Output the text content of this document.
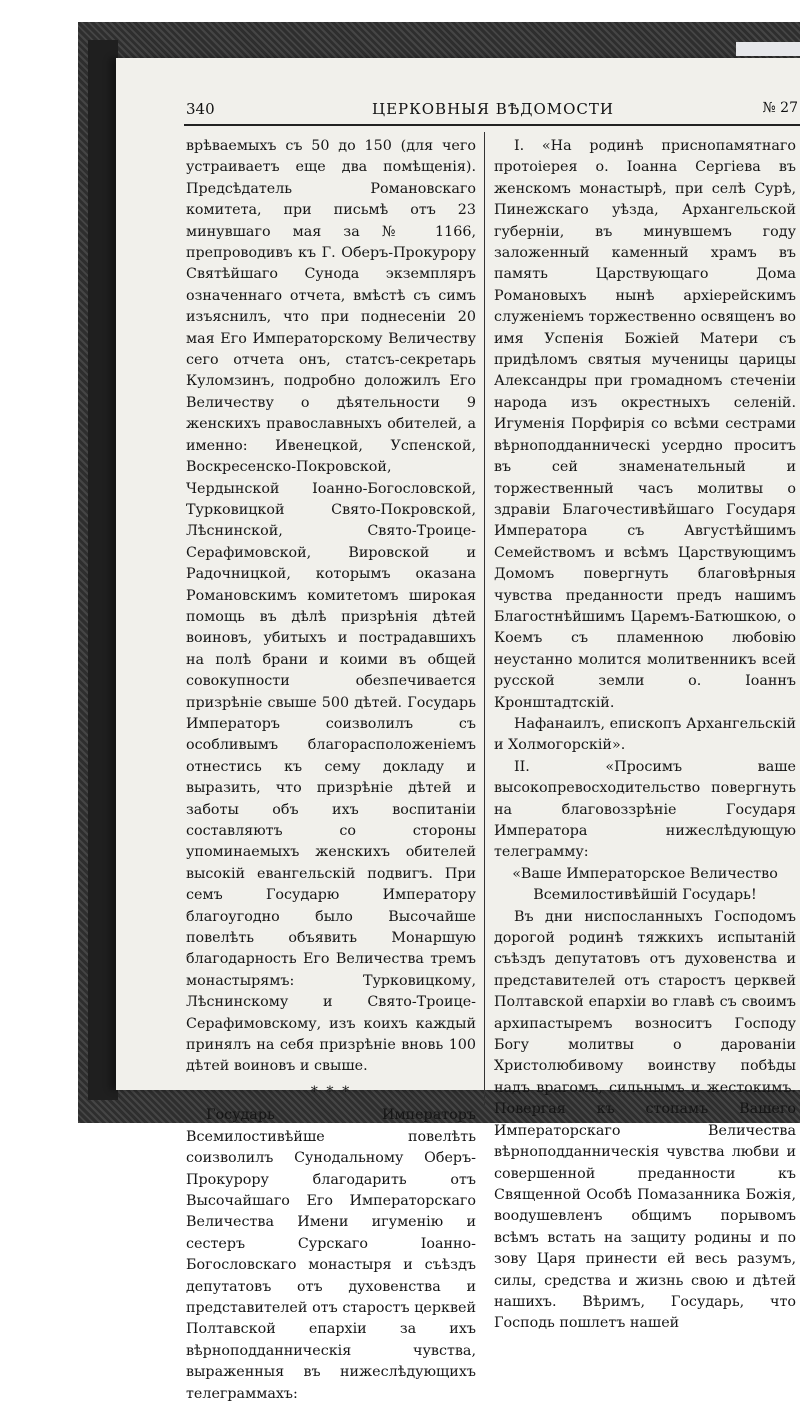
340	ЦЕРКОВНЫЯ ВѢДОМОСТИ	№ 27

врѣваемыхъ съ 50 до 150 (для чего устраиваетъ еще два помѣщенія). Предсѣдатель Романовскаго комитета, при письмѣ отъ 23 минувшаго мая за № 1166, препроводивъ къ Г. Оберъ-Прокурору Святѣйшаго Сунода экземпляръ означеннаго отчета, вмѣстѣ съ симъ изъяснилъ, что при поднесеніи 20 мая Его Императорскому Величеству сего отчета онъ, статсъ-секретарь Куломзинъ, подробно доложилъ Его Величеству о дѣятельности 9 женскихъ православныхъ обителей, а именно: Ивенецкой, Успенской, Воскресенско-Покровской, Чердынской Іоанно-Богословской, Турковицкой Свято-Покровской, Лѣснинской, Свято-Троице-Серафимовской, Вировской и Радочницкой, которымъ оказана Романовскимъ комитетомъ широкая помощь въ дѣлѣ призрѣнія дѣтей воиновъ, убитыхъ и пострадавшихъ на полѣ брани и коими въ общей совокупности обезпечивается призрѣніе свыше 500 дѣтей. Государь Императоръ соизволилъ съ особливымъ благорасположеніемъ отнестись къ сему докладу и выразить, что призрѣніе дѣтей и заботы объ ихъ воспитаніи составляютъ со стороны упоминаемыхъ женскихъ обителей высокій евангельскій подвигъ. При семъ Государю Императору благоугодно было Высочайше повелѣть объявить Монаршую благодарность Его Величества тремъ монастырямъ: Турковицкому, Лѣснинскому и Свято-Троице-Серафимовскому, изъ коихъ каждый принялъ на себя призрѣніе вновь 100 дѣтей воиновъ и свыше.

* * *

Государь Императоръ Всемилостивѣйше повелѣть соизволилъ Сунодальному Оберъ-Прокурору благодарить отъ Высочайшаго Его Императорскаго Величества Имени игуменію и сестеръ Сурскаго Іоанно-Богословскаго монастыря и съѣздъ депутатовъ отъ духовенства и представителей отъ старостъ церквей Полтавской епархіи за ихъ вѣрноподданническія чувства, выраженныя въ нижеслѣдующихъ телеграммахъ:

I. «На родинѣ приснопамятнаго протоіерея о. Іоанна Сергіева въ женскомъ монастырѣ, при селѣ Сурѣ, Пинежскаго уѣзда, Архангельской губерніи, въ минувшемъ году заложенный каменный храмъ въ память Царствующаго Дома Романовыхъ нынѣ архіерейскимъ служеніемъ торжественно освященъ во имя Успенія Божіей Матери съ придѣломъ святыя мученицы царицы Александры при громадномъ стеченіи народа изъ окрестныхъ селеній. Игуменія Порфирія со всѣми сестрами вѣрноподданническі усердно проситъ въ сей знаменательный и торжественный часъ молитвы о здравіи Благочестивѣйшаго Государя Императора съ Августѣйшимъ Семействомъ и всѣмъ Царствующимъ Домомъ повергнуть благовѣрныя чувства преданности предъ нашимъ Благостнѣйшимъ Царемъ-Батюшкою, о Коемъ съ пламенною любовію неустанно молится молитвенникъ всей русской земли о. Іоаннъ Кронштадтскій.

Нафанаилъ, епископъ Архангельскій и Холмогорскій».

II. «Просимъ ваше высокопревосходительство повергнуть на благовоззрѣніе Государя Императора нижеслѣдующую телеграмму:

«Ваше Императорское Величество

Всемилостивѣйшій Государь!

Въ дни ниспосланныхъ Господомъ дорогой родинѣ тяжкихъ испытаній съѣздъ депутатовъ отъ духовенства и представителей отъ старостъ церквей Полтавской епархіи во главѣ съ своимъ архипастыремъ возноситъ Господу Богу молитвы о дарованіи Христолюбивому воинству побѣды надъ врагомъ, сильнымъ и жестокимъ. Повергая къ стопамъ Вашего Императорскаго Величества вѣрноподданническія чувства любви и совершенной преданности къ Священной Особѣ Помазанника Божія, воодушевленъ общимъ порывомъ всѣмъ встать на защиту родины и по зову Царя принести ей весь разумъ, силы, средства и жизнь свою и дѣтей нашихъ. Вѣримъ, Государь, что Господь пошлетъ нашей
